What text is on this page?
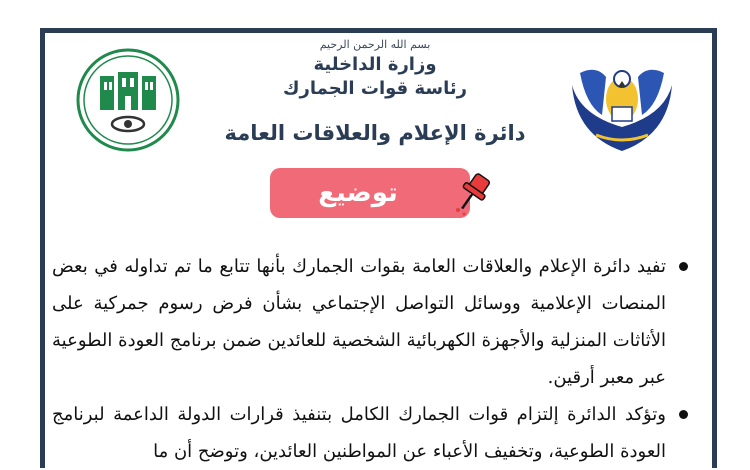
بسم الله الرحمن الرحيم
وزارة الداخلية
رئاسة قوات الجمارك
دائرة الإعلام والعلاقات العامة
توضيع صحفي
تفيد دائرة الإعلام والعلاقات العامة بقوات الجمارك بأنها تتابع ما تم تداوله في بعض المنصات الإعلامية ووسائل التواصل الإجتماعي بشأن فرض رسوم جمركية على الأثاثات المنزلية والأجهزة الكهربائية الشخصية للعائدين ضمن برنامج العودة الطوعية عبر معبر أرقين.
وتؤكد الدائرة إلتزام قوات الجمارك الكامل بتنفيذ قرارات الدولة الداعمة لبرنامج العودة الطوعية، وتخفيف الأعباء عن المواطنين العائدين، وتوضح أن ما
